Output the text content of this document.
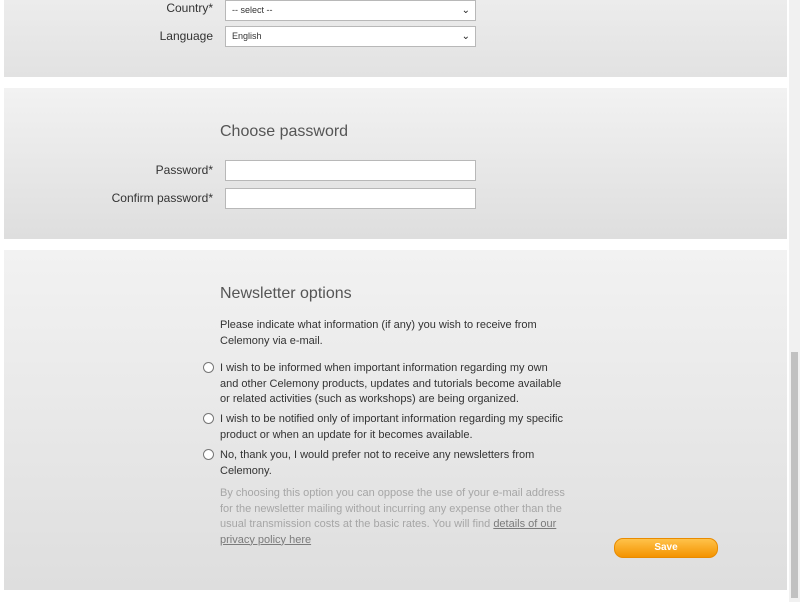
Country*	-- select --	⌄
Language	English	⌄
Choose password
Password*
Confirm password*
Save
Newsletter options

Please indicate what information (if any) you wish to receive from Celemony via e-mail.

I wish to be informed when important information regarding my own and other Celemony products, updates and tutorials become available or related activities (such as workshops) are being organized.

I wish to be notified only of important information regarding my specific product or when an update for it becomes available.

No, thank you, I would prefer not to receive any newsletters from Celemony.

By choosing this option you can oppose the use of your e-mail address for the newsletter mailing without incurring any expense other than the usual transmission costs at the basic rates. You will find details of our privacy policy here
